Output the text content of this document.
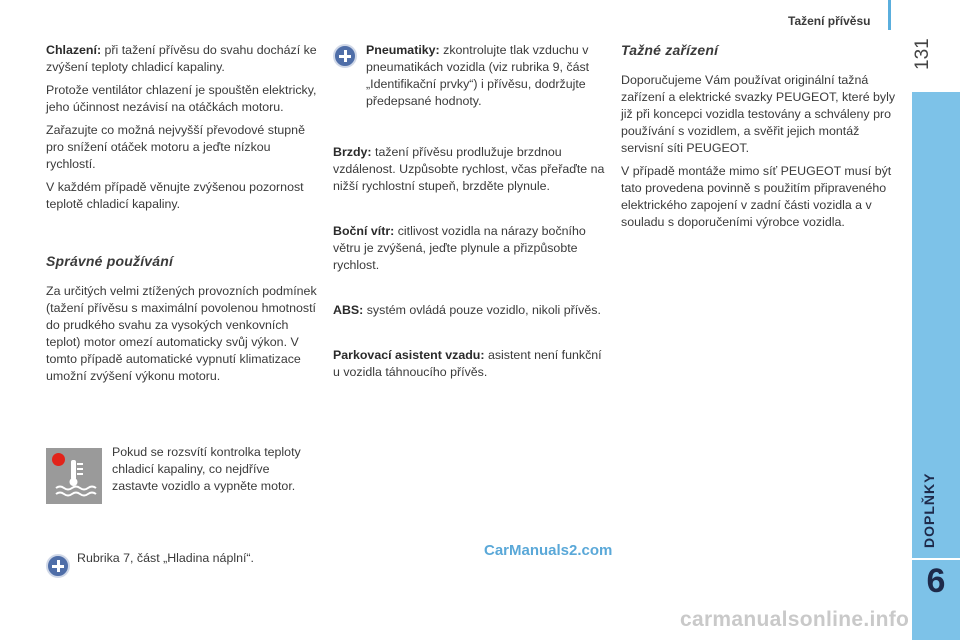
Tažení přívěsu
131
6

Chlazení: při tažení přívěsu do svahu dochází ke zvýšení teploty chladicí kapaliny.

Protože ventilátor chlazení je spouštěn elektricky, jeho účinnost nezávisí na otáčkách motoru.

Zařazujte co možná nejvyšší převodové stupně pro snížení otáček motoru a jeďte nízkou rychlostí.

V každém případě věnujte zvýšenou pozornost teplotě chladicí kapaliny.

Správné používání

Za určitých velmi ztížených provozních podmínek (tažení přívěsu s maximální povolenou hmotností do prudkého svahu za vysokých venkovních teplot) motor omezí automaticky svůj výkon. V tomto případě automatické vypnutí klimatizace umožní zvýšení výkonu motoru.

Pokud se rozsvítí kontrolka teploty chladicí kapaliny, co nejdříve zastavte vozidlo a vypněte motor.

Rubrika 7, část „Hladina náplní“.

Pneumatiky: zkontrolujte tlak vzduchu v pneumatikách vozidla (viz rubrika 9, část „Identifikační prvky“) i přívěsu, dodržujte předepsané hodnoty.

Brzdy: tažení přívěsu prodlužuje brzdnou vzdálenost. Uzpůsobte rychlost, včas přeřaďte na nižší rychlostní stupeň, brzděte plynule.

Boční vítr: citlivost vozidla na nárazy bočního větru je zvýšená, jeďte plynule a přizpůsobte rychlost.

ABS: systém ovládá pouze vozidlo, nikoli přívěs.

Parkovací asistent vzadu: asistent není funkční u vozidla táhnoucího přívěs.

Tažné zařízení

Doporučujeme Vám používat originální tažná zařízení a elektrické svazky PEUGEOT, které byly již při koncepci vozidla testovány a schváleny pro používání s vozidlem, a svěřit jejich montáž servisní síti PEUGEOT.

V případě montáže mimo síť PEUGEOT musí být tato provedena povinně s použitím připraveného elektrického zapojení v zadní části vozidla a v souladu s doporučeními výrobce vozidla.

CarManuals2.com
carmanualsonline.info
